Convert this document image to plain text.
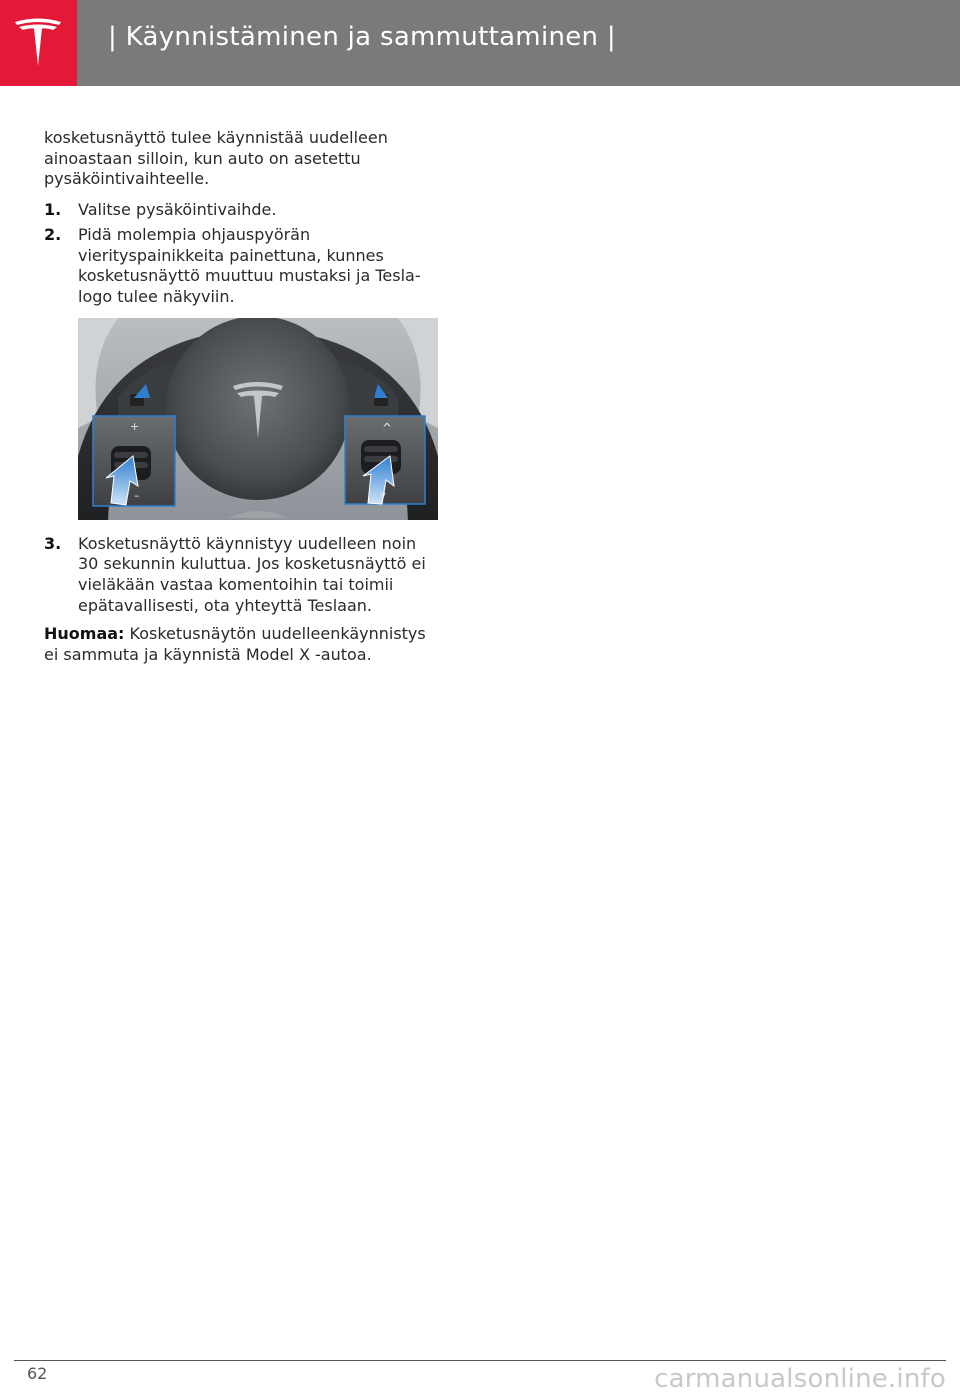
| Käynnistäminen ja sammuttaminen |

kosketusnäyttö tulee käynnistää uudelleen ainoastaan silloin, kun auto on asetettu pysäköintivaihteelle.

1. Valitse pysäköintivaihde.
2. Pidä molempia ohjauspyörän vierityspainikkeita painettuna, kunnes kosketusnäyttö muuttuu mustaksi ja Tesla-logo tulee näkyviin.
+
–
^
v
3. Kosketusnäyttö käynnistyy uudelleen noin 30 sekunnin kuluttua. Jos kosketusnäyttö ei vieläkään vastaa komentoihin tai toimii epätavallisesti, ota yhteyttä Teslaan.

Huomaa: Kosketusnäytön uudelleenkäynnistys ei sammuta ja käynnistä Model X -autoa.

62	carmanualsonline.info
